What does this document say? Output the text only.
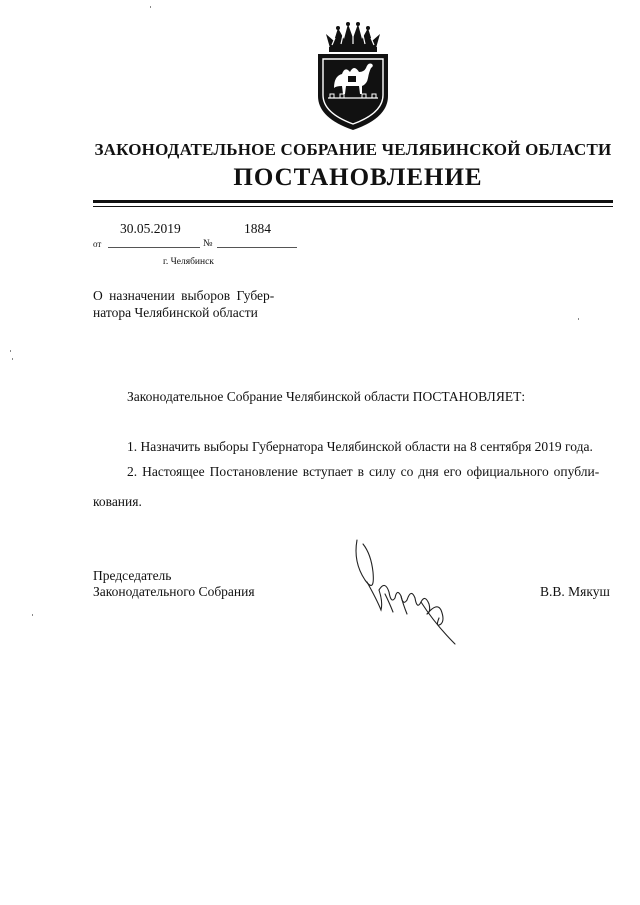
ЗАКОНОДАТЕЛЬНОЕ СОБРАНИЕ ЧЕЛЯБИНСКОЙ ОБЛАСТИ
ПОСТАНОВЛЕНИЕ
30.05.2019	1884
от	№
г. Челябинск
О назначении выборов Губер-
натора Челябинской области
Законодательное Собрание Челябинской области ПОСТАНОВЛЯЕТ:
1. Назначить выборы Губернатора Челябинской области на 8 сентября 2019 года.
2. Настоящее Постановление вступает в силу со дня его официального опубли-
кования.
Председатель
Законодательного Собрания	В.В. Мякуш
